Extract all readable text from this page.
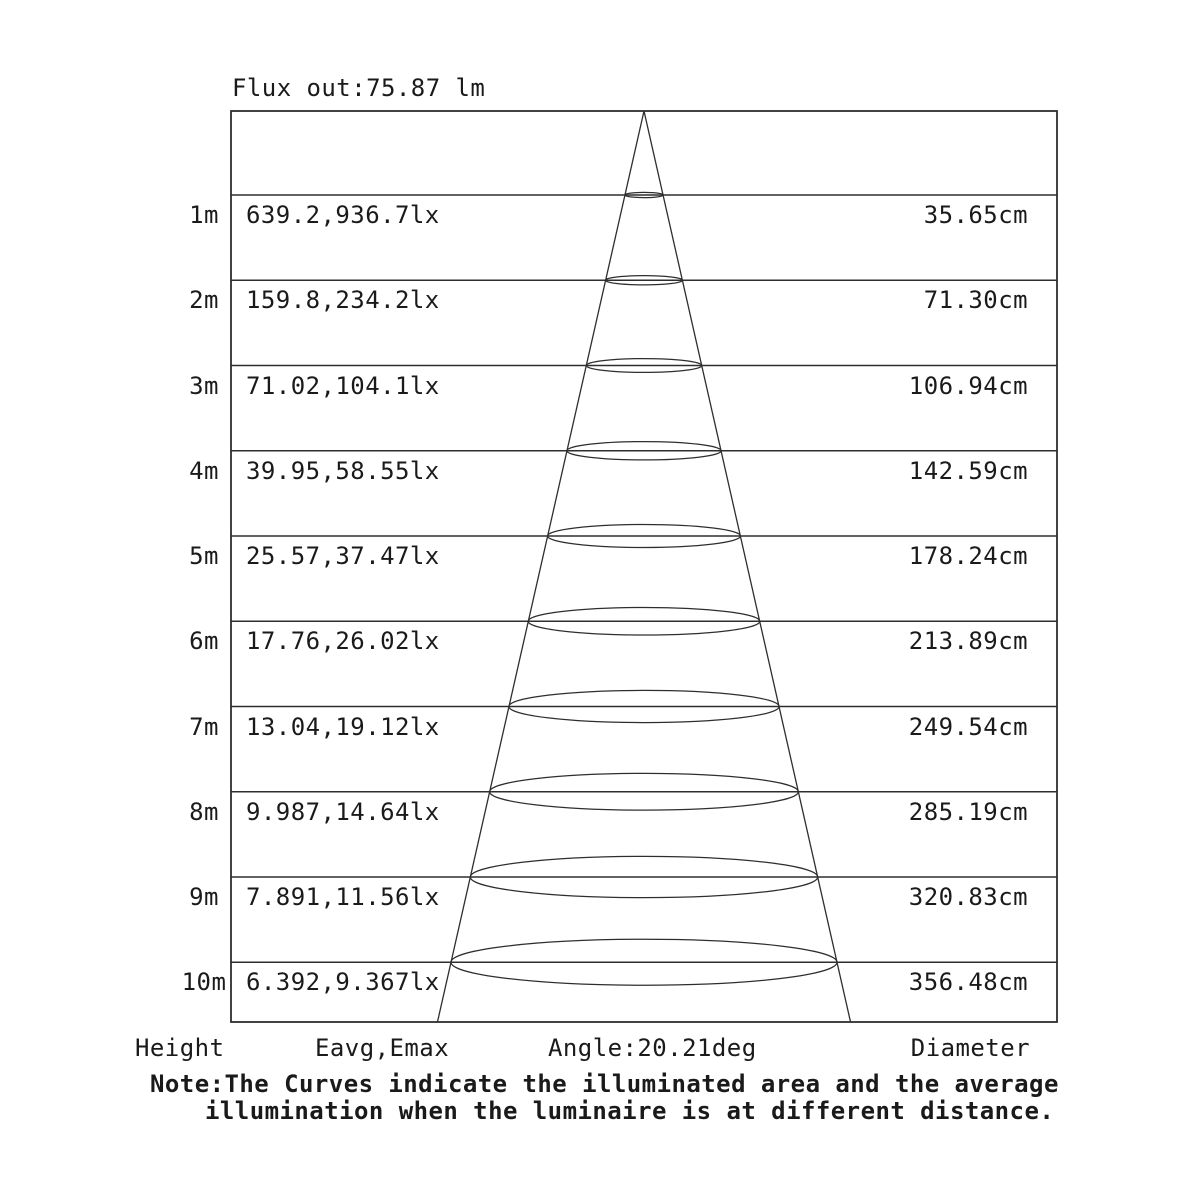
Flux out:75.87 lm
1m	639.2,936.7lx	35.65cm
2m	159.8,234.2lx	71.30cm
3m	71.02,104.1lx	106.94cm
4m	39.95,58.55lx	142.59cm
5m	25.57,37.47lx	178.24cm
6m	17.76,26.02lx	213.89cm
7m	13.04,19.12lx	249.54cm
8m	9.987,14.64lx	285.19cm
9m	7.891,11.56lx	320.83cm
10m 6.392,9.367lx	356.48cm
Height	Eavg,Emax	Angle:20.21deg	Diameter
Note:The Curves indicate the illuminated area and the average
illumination when the luminaire is at different distance.
